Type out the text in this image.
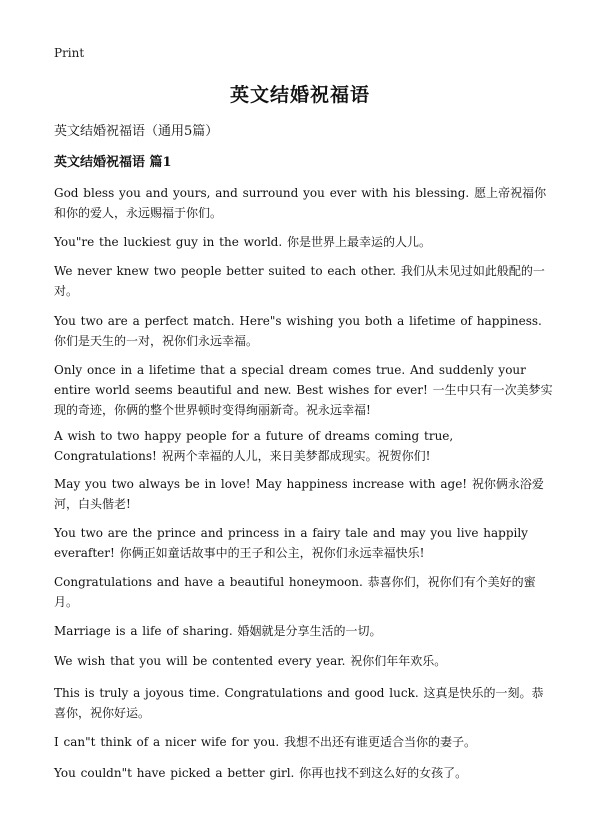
Print
英文结婚祝福语

英文结婚祝福语（通用5篇）

英文结婚祝福语 篇1

God bless you and yours, and surround you ever with his blessing. 愿上帝祝福你和你的爱人，永远赐福于你们。

You"re the luckiest guy in the world. 你是世界上最幸运的人儿。

We never knew two people better suited to each other. 我们从未见过如此般配的一对。

You two are a perfect match. Here"s wishing you both a lifetime of happiness. 你们是天生的一对，祝你们永远幸福。

Only once in a lifetime that a special dream comes true. And suddenly your entire world seems beautiful and new. Best wishes for ever! 一生中只有一次美梦实现的奇迹，你俩的整个世界顿时变得绚丽新奇。祝永远幸福!

A wish to two happy people for a future of dreams coming true, Congratulations! 祝两个幸福的人儿，来日美梦都成现实。祝贺你们!

May you two always be in love! May happiness increase with age! 祝你俩永浴爱河，白头偕老!

You two are the prince and princess in a fairy tale and may you live happily everafter! 你俩正如童话故事中的王子和公主，祝你们永远幸福快乐!

Congratulations and have a beautiful honeymoon. 恭喜你们，祝你们有个美好的蜜月。

Marriage is a life of sharing. 婚姻就是分享生活的一切。

We wish that you will be contented every year. 祝你们年年欢乐。

This is truly a joyous time. Congratulations and good luck. 这真是快乐的一刻。恭喜你，祝你好运。

I can"t think of a nicer wife for you. 我想不出还有谁更适合当你的妻子。

You couldn"t have picked a better girl. 你再也找不到这么好的女孩了。
